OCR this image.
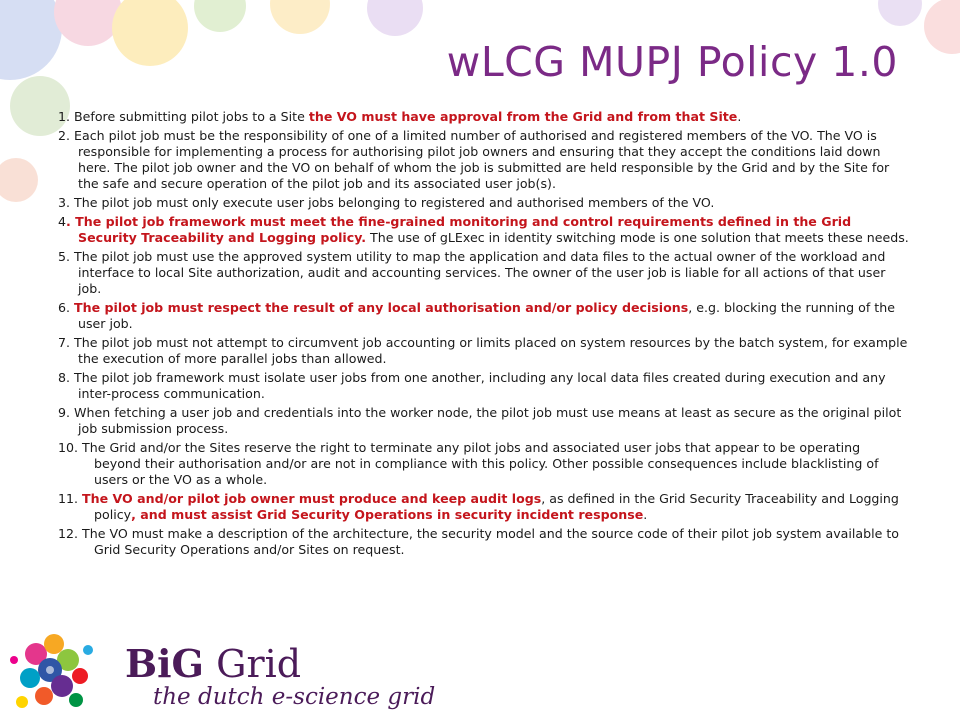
wLCG MUPJ Policy 1.0
1. Before submitting pilot jobs to a Site the VO must have approval from the Grid and from that Site.
2. Each pilot job must be the responsibility of one of a limited number of authorised and registered members of the VO. The VO is responsible for implementing a process for authorising pilot job owners and ensuring that they accept the conditions laid down here. The pilot job owner and the VO on behalf of whom the job is submitted are held responsible by the Grid and by the Site for the safe and secure operation of the pilot job and its associated user job(s).
3. The pilot job must only execute user jobs belonging to registered and authorised members of the VO.
4. The pilot job framework must meet the fine-grained monitoring and control requirements defined in the Grid Security Traceability and Logging policy. The use of gLExec in identity switching mode is one solution that meets these needs.
5. The pilot job must use the approved system utility to map the application and data files to the actual owner of the workload and interface to local Site authorization, audit and accounting services. The owner of the user job is liable for all actions of that user job.
6. The pilot job must respect the result of any local authorisation and/or policy decisions, e.g. blocking the running of the user job.
7. The pilot job must not attempt to circumvent job accounting or limits placed on system resources by the batch system, for example the execution of more parallel jobs than allowed.
8. The pilot job framework must isolate user jobs from one another, including any local data files created during execution and any inter-process communication.
9. When fetching a user job and credentials into the worker node, the pilot job must use means at least as secure as the original pilot job submission process.
10. The Grid and/or the Sites reserve the right to terminate any pilot jobs and associated user jobs that appear to be operating beyond their authorisation and/or are not in compliance with this policy. Other possible consequences include blacklisting of users or the VO as a whole.
11. The VO and/or pilot job owner must produce and keep audit logs, as defined in the Grid Security Traceability and Logging policy, and must assist Grid Security Operations in security incident response.
12. The VO must make a description of the architecture, the security model and the source code of their pilot job system available to Grid Security Operations and/or Sites on request.
BiG Grid
the dutch e-science grid
